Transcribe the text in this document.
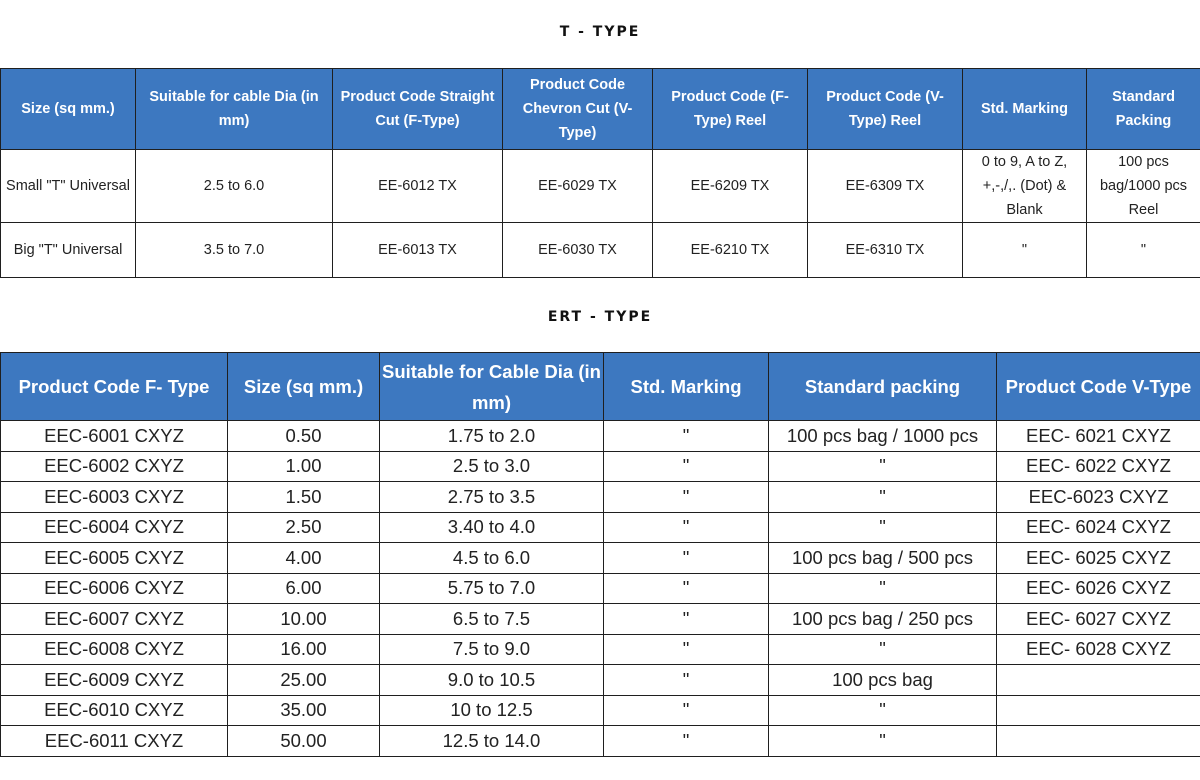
T - TYPE
Size (sq mm.)	Suitable for cable Dia (in mm)	Product Code Straight Cut (F-Type)	Product Code Chevron Cut (V-Type)	Product Code (F-Type) Reel	Product Code (V-Type) Reel	Std. Marking	Standard Packing
Small "T" Universal	2.5 to 6.0	EE-6012 TX	EE-6029 TX	EE-6209 TX	EE-6309 TX	0 to 9, A to Z, +,-,/,. (Dot) & Blank	100 pcs bag/1000 pcs Reel
Big "T" Universal	3.5 to 7.0	EE-6013 TX	EE-6030 TX	EE-6210 TX	EE-6310 TX	"	"
ERT - TYPE
Product Code F- Type	Size (sq mm.)	Suitable for Cable Dia (in mm)	Std. Marking	Standard packing	Product Code V-Type
EEC-6001 CXYZ	0.50	1.75 to 2.0	"	100 pcs bag / 1000 pcs	EEC- 6021 CXYZ
EEC-6002 CXYZ	1.00	2.5 to 3.0	"	"	EEC- 6022 CXYZ
EEC-6003 CXYZ	1.50	2.75 to 3.5	"	"	EEC-6023 CXYZ
EEC-6004 CXYZ	2.50	3.40 to 4.0	"	"	EEC- 6024 CXYZ
EEC-6005 CXYZ	4.00	4.5 to 6.0	"	100 pcs bag / 500 pcs	EEC- 6025 CXYZ
EEC-6006 CXYZ	6.00	5.75 to 7.0	"	"	EEC- 6026 CXYZ
EEC-6007 CXYZ	10.00	6.5 to 7.5	"	100 pcs bag / 250 pcs	EEC- 6027 CXYZ
EEC-6008 CXYZ	16.00	7.5 to 9.0	"	"	EEC- 6028 CXYZ
EEC-6009 CXYZ	25.00	9.0 to 10.5	"	100 pcs bag	
EEC-6010 CXYZ	35.00	10 to 12.5	"	"	
EEC-6011 CXYZ	50.00	12.5 to 14.0	"	"	
